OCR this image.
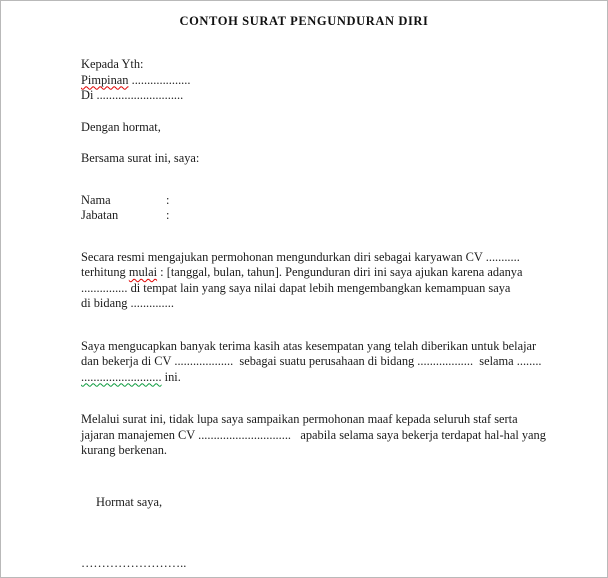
CONTOH SURAT PENGUNDURAN DIRI
Kepada Yth:
Pimpinan ...................
Di ............................
Dengan hormat,
Bersama surat ini, saya:
Nama	:
Jabatan	:
Secara resmi mengajukan permohonan mengundurkan diri sebagai karyawan CV ...........
terhitung mulai : [tanggal, bulan, tahun]. Pengunduran diri ini saya ajukan karena adanya
............... di tempat lain yang saya nilai dapat lebih mengembangkan kemampuan saya
di bidang ..............
Saya mengucapkan banyak terima kasih atas kesempatan yang telah diberikan untuk belajar
dan bekerja di CV ...................  sebagai suatu perusahaan di bidang ..................  selama ........
.......................... ini.
Melalui surat ini, tidak lupa saya sampaikan permohonan maaf kepada seluruh staf serta
jajaran manajemen CV ..............................   apabila selama saya bekerja terdapat hal-hal yang
kurang berkenan.
Hormat saya,
……………………..
